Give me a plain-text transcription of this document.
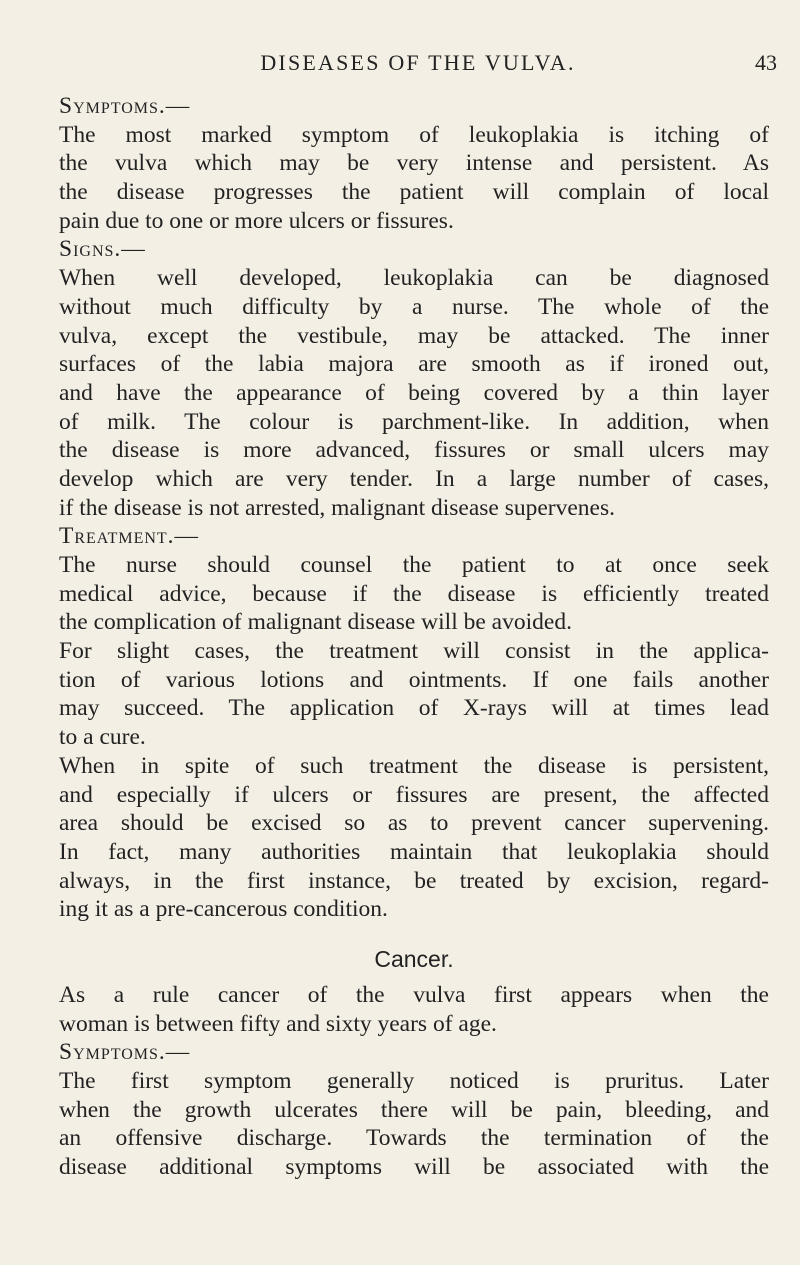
DISEASES OF THE VULVA.	43
Symptoms.—
The most marked symptom of leukoplakia is itching of
the vulva which may be very intense and persistent. As
the disease progresses the patient will complain of local
pain due to one or more ulcers or fissures.
Signs.—
When well developed, leukoplakia can be diagnosed
without much difficulty by a nurse. The whole of the
vulva, except the vestibule, may be attacked. The inner
surfaces of the labia majora are smooth as if ironed out,
and have the appearance of being covered by a thin layer
of milk. The colour is parchment-like. In addition, when
the disease is more advanced, fissures or small ulcers may
develop which are very tender. In a large number of cases,
if the disease is not arrested, malignant disease supervenes.
Treatment.—
The nurse should counsel the patient to at once seek
medical advice, because if the disease is efficiently treated
the complication of malignant disease will be avoided.
For slight cases, the treatment will consist in the applica-
tion of various lotions and ointments. If one fails another
may succeed. The application of X-rays will at times lead
to a cure.
When in spite of such treatment the disease is persistent,
and especially if ulcers or fissures are present, the affected
area should be excised so as to prevent cancer supervening.
In fact, many authorities maintain that leukoplakia should
always, in the first instance, be treated by excision, regard-
ing it as a pre-cancerous condition.
Cancer.
As a rule cancer of the vulva first appears when the
woman is between fifty and sixty years of age.
Symptoms.—
The first symptom generally noticed is pruritus. Later
when the growth ulcerates there will be pain, bleeding, and
an offensive discharge. Towards the termination of the
disease additional symptoms will be associated with the
